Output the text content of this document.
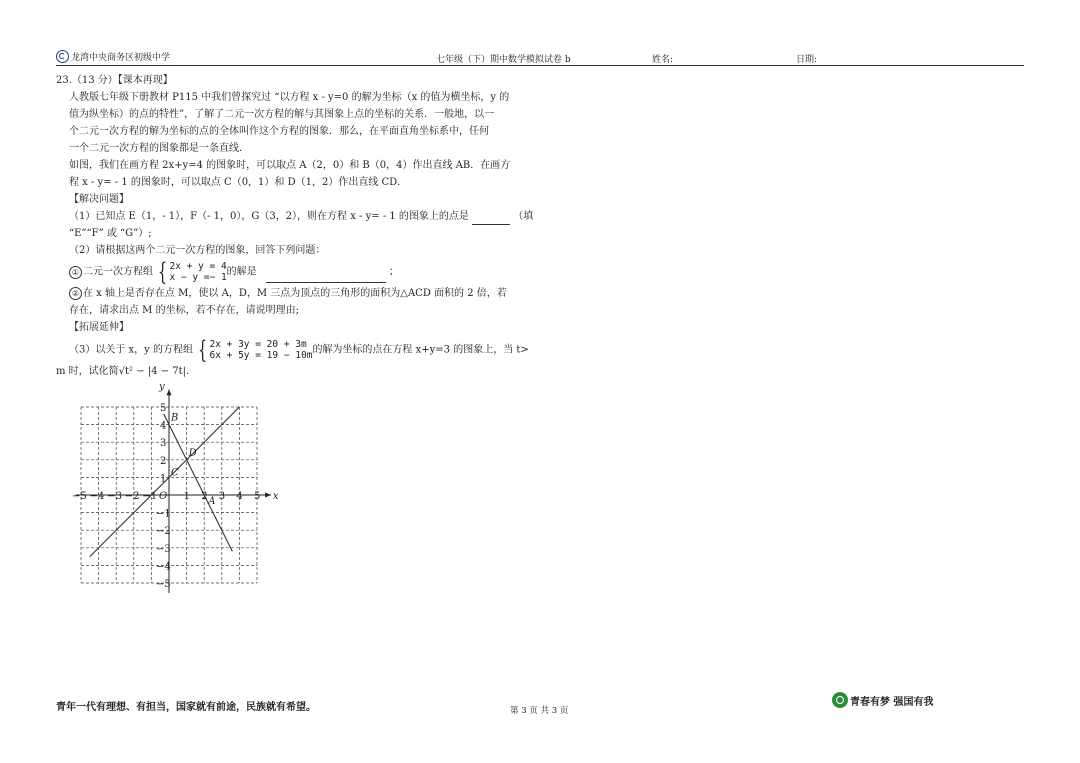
龙湾中央商务区初级中学	七年级（下）期中数学模拟试卷 b	姓名:	日期:

23.（13 分）【课本再现】

人教版七年级下册教材 P115 中我们曾探究过 “以方程 x - y=0 的解为坐标（x 的值为横坐标，y 的

值为纵坐标）的点的特性”，了解了二元一次方程的解与其图象上点的坐标的关系．一般地，以一

个二元一次方程的解为坐标的点的全体叫作这个方程的图象．那么，在平面直角坐标系中，任何

一个二元一次方程的图象都是一条直线．

如图，我们在画方程 2x+y=4 的图象时，可以取点 A（2，0）和 B（0，4）作出直线 AB．在画方

程 x - y= - 1 的图象时，可以取点 C（0，1）和 D（1，2）作出直线 CD．

【解决问题】

（1）已知点 E（1，- 1），F（- 1，0），G（3，2），则在方程 x - y= - 1 的图象上的点是	（填

“E”“F” 或 “G”）;

（2）请根据这两个二元一次方程的图象，回答下列问题：

① 二元一次方程组 { 2x + y = 4
x − y =− 1 的解是	；

② 在 x 轴上是否存在点 M，使以 A，D，M 三点为顶点的三角形的面积为△ACD 面积的 2 倍，若

存在，请求出点 M 的坐标，若不存在，请说明理由;

【拓展延伸】

（3）以关于 x，y 的方程组 { 2x + 3y = 20 + 3m
6x + 5y = 19 − 10m 的解为坐标的点在方程 x+y=3 的图象上，当 t>

m 时，试化简√t² − |4 − 7t|.

−5 −4 −3 −2 −1	1 2 3 4 5
5
4
3
2
1
−1
−2
−3
−4
−5
O	x
y
A
B
C
D
青年一代有理想、有担当，国家就有前途，民族就有希望。	第 3 页 共 3 页
青春有梦 强国有我
